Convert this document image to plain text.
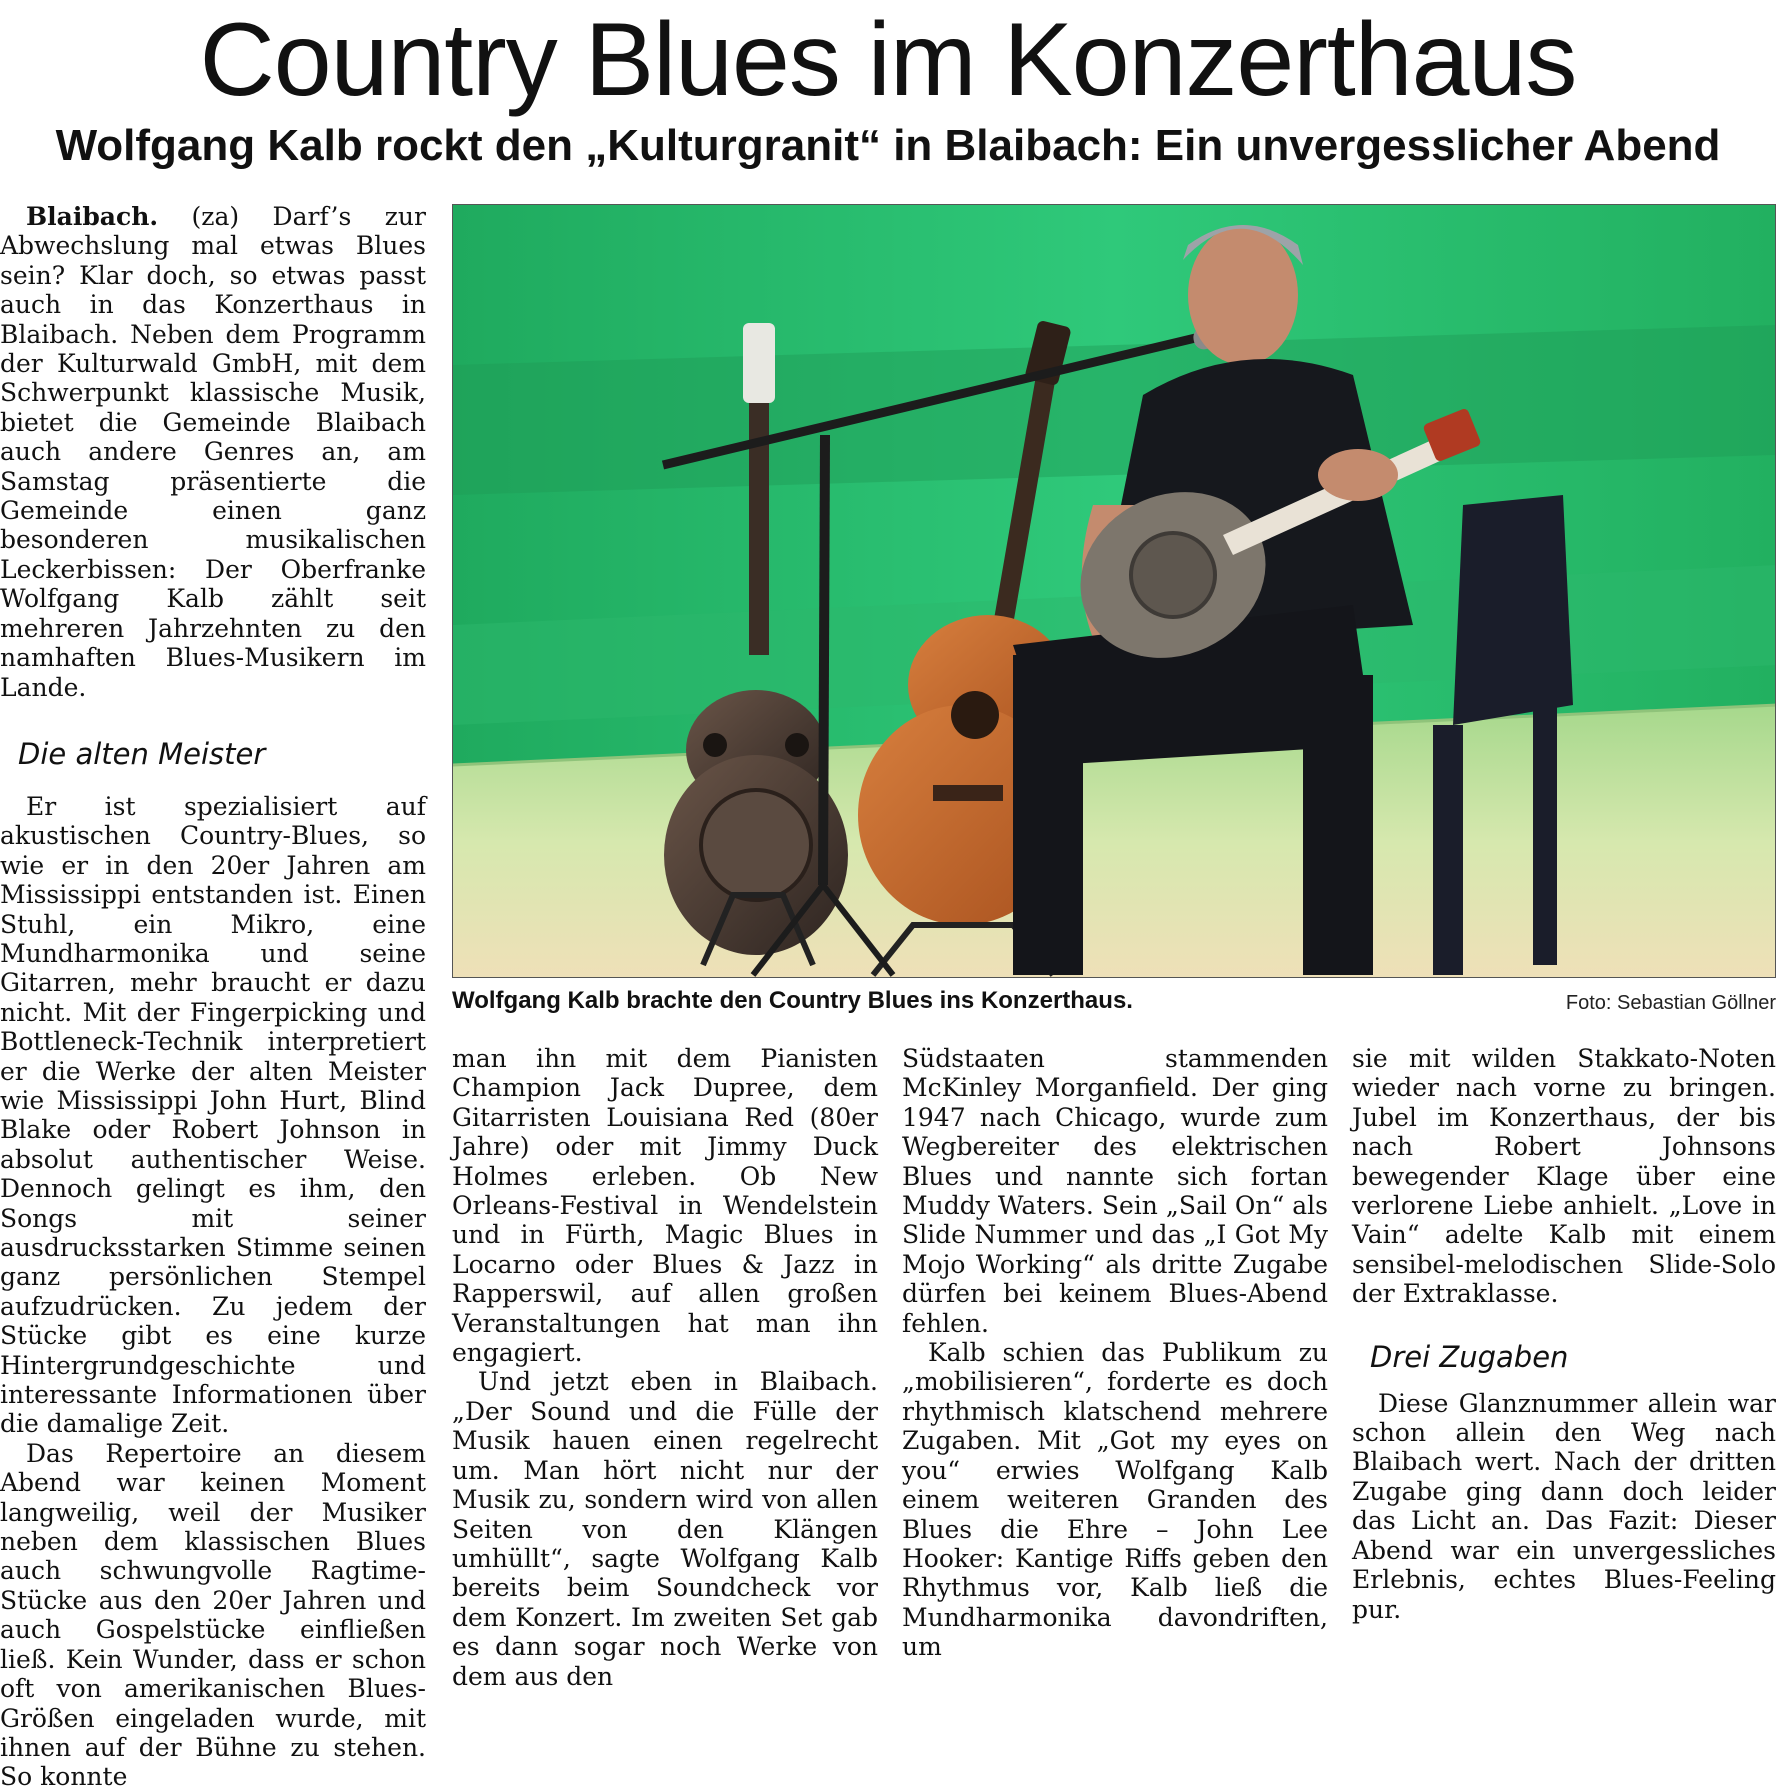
Country Blues im Konzerthaus
Wolfgang Kalb rockt den „Kulturgranit“ in Blaibach: Ein unvergesslicher Abend

Blaibach. (za) Darf’s zur Abwechslung mal etwas Blues sein? Klar doch, so etwas passt auch in das Konzerthaus in Blaibach. Neben dem Programm der Kulturwald GmbH, mit dem Schwerpunkt klassische Musik, bietet die Gemeinde Blaibach auch andere Genres an, am Samstag präsentierte die Gemeinde einen ganz besonderen musikalischen Leckerbissen: Der Oberfranke Wolfgang Kalb zählt seit mehreren Jahrzehnten zu den namhaften Blues-Musikern im Lande.

Die alten Meister

Er ist spezialisiert auf akustischen Country-Blues, so wie er in den 20er Jahren am Mississippi entstanden ist. Einen Stuhl, ein Mikro, eine Mundharmonika und seine Gitarren, mehr braucht er dazu nicht. Mit der Fingerpicking und Bottleneck-Technik interpretiert er die Werke der alten Meister wie Mississippi John Hurt, Blind Blake oder Robert Johnson in absolut authentischer Weise. Dennoch gelingt es ihm, den Songs mit seiner ausdrucksstarken Stimme seinen ganz persönlichen Stempel aufzudrücken. Zu jedem der Stücke gibt es eine kurze Hintergrundgeschichte und interessante Informationen über die damalige Zeit.

Das Repertoire an diesem Abend war keinen Moment langweilig, weil der Musiker neben dem klassischen Blues auch schwungvolle Ragtime-Stücke aus den 20er Jahren und auch Gospelstücke einfließen ließ. Kein Wunder, dass er schon oft von amerikanischen Blues-Größen eingeladen wurde, mit ihnen auf der Bühne zu stehen. So konnte

Wolfgang Kalb brachte den Country Blues ins Konzerthaus.	Foto: Sebastian Göllner

man ihn mit dem Pianisten Champion Jack Dupree, dem Gitarristen Louisiana Red (80er Jahre) oder mit Jimmy Duck Holmes erleben. Ob New Orleans-Festival in Wendelstein und in Fürth, Magic Blues in Locarno oder Blues & Jazz in Rapperswil, auf allen großen Veranstaltungen hat man ihn engagiert.

Und jetzt eben in Blaibach. „Der Sound und die Fülle der Musik hauen einen regelrecht um. Man hört nicht nur der Musik zu, sondern wird von allen Seiten von den Klängen umhüllt“, sagte Wolfgang Kalb bereits beim Soundcheck vor dem Konzert. Im zweiten Set gab es dann sogar noch Werke von dem aus den

Südstaaten stammenden McKinley Morganfield. Der ging 1947 nach Chicago, wurde zum Wegbereiter des elektrischen Blues und nannte sich fortan Muddy Waters. Sein „Sail On“ als Slide Nummer und das „I Got My Mojo Working“ als dritte Zugabe dürfen bei keinem Blues-Abend fehlen.

Kalb schien das Publikum zu „mobilisieren“, forderte es doch rhythmisch klatschend mehrere Zugaben. Mit „Got my eyes on you“ erwies Wolfgang Kalb einem weiteren Granden des Blues die Ehre – John Lee Hooker: Kantige Riffs geben den Rhythmus vor, Kalb ließ die Mundharmonika davondriften, um

sie mit wilden Stakkato-Noten wieder nach vorne zu bringen. Jubel im Konzerthaus, der bis nach Robert Johnsons bewegender Klage über eine verlorene Liebe anhielt. „Love in Vain“ adelte Kalb mit einem sensibel-melodischen Slide-Solo der Extraklasse.

Drei Zugaben

Diese Glanznummer allein war schon allein den Weg nach Blaibach wert. Nach der dritten Zugabe ging dann doch leider das Licht an. Das Fazit: Dieser Abend war ein unvergessliches Erlebnis, echtes Blues-Feeling pur.
